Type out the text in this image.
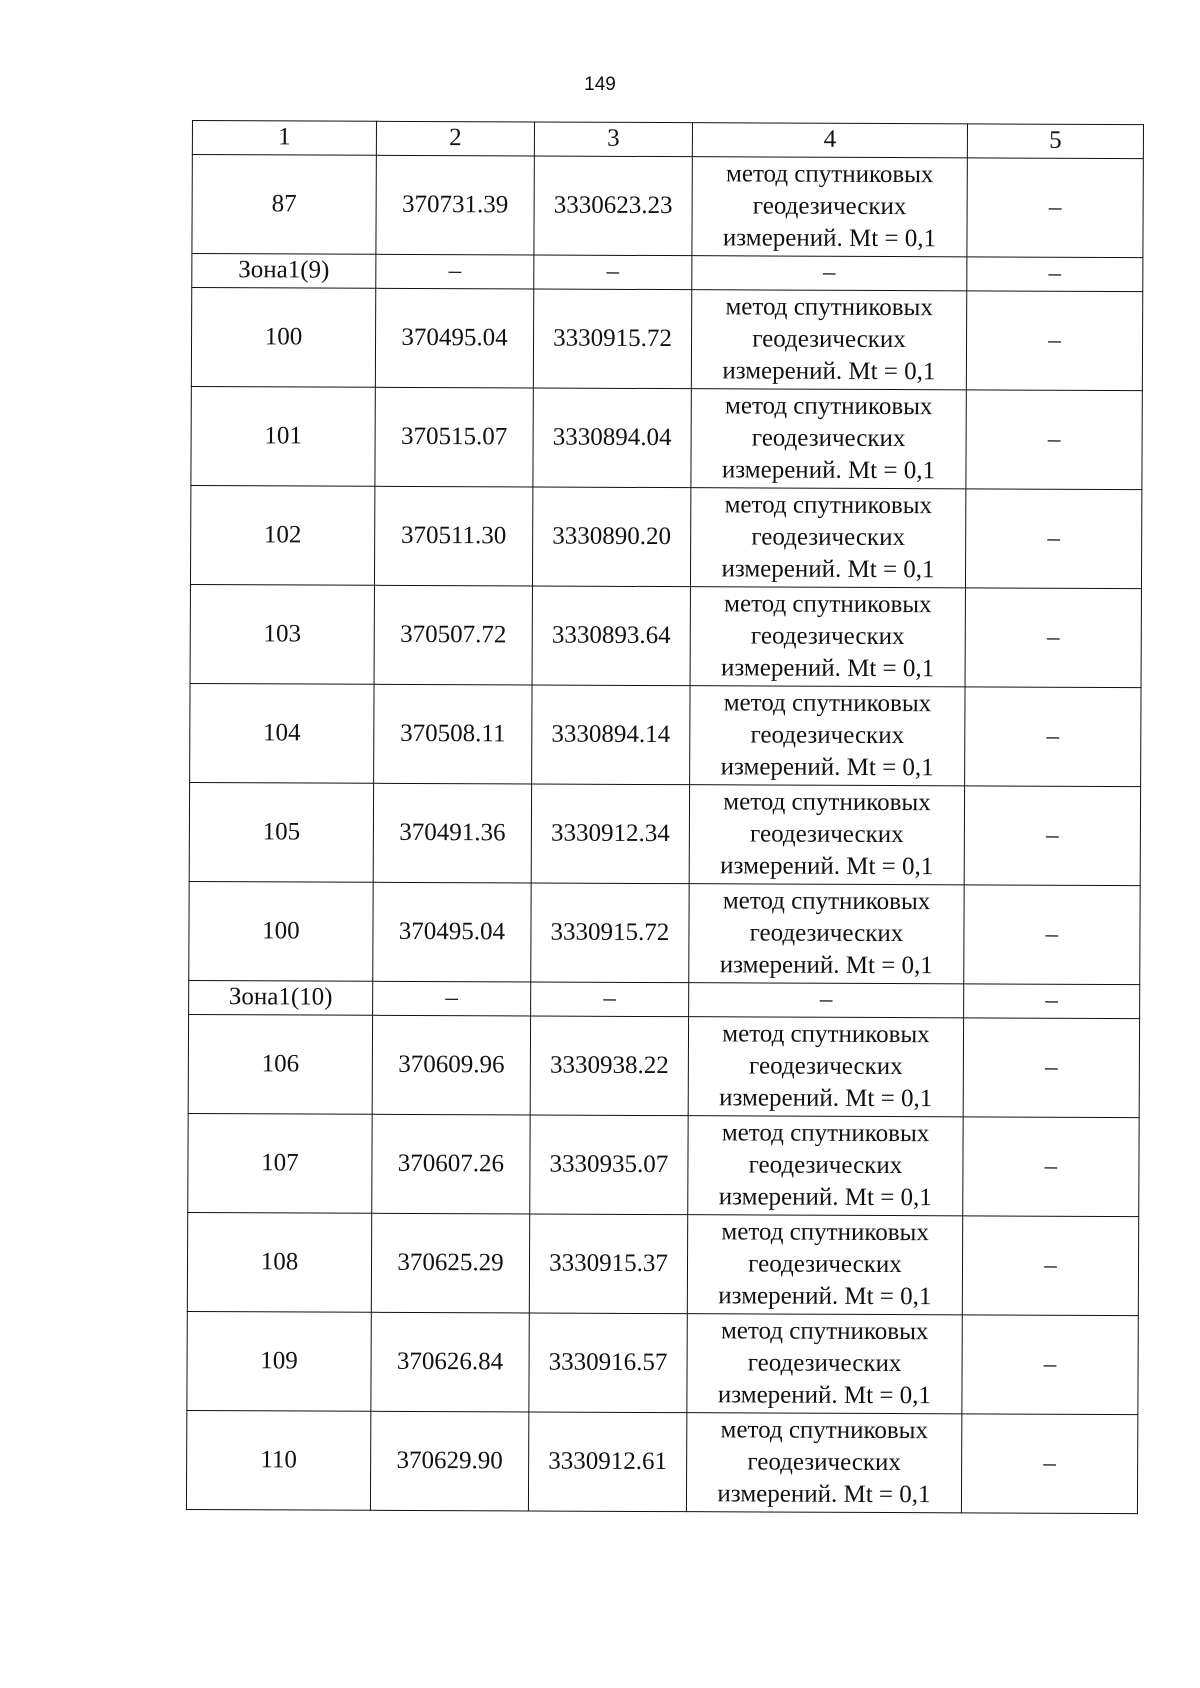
149
1	2	3	4	5
87	370731.39	3330623.23	метод спутниковых геодезических измерений. Mt = 0,1	–
Зона1(9)	–	–	–	–
100	370495.04	3330915.72	метод спутниковых геодезических измерений. Mt = 0,1	–
101	370515.07	3330894.04	метод спутниковых геодезических измерений. Mt = 0,1	–
102	370511.30	3330890.20	метод спутниковых геодезических измерений. Mt = 0,1	–
103	370507.72	3330893.64	метод спутниковых геодезических измерений. Mt = 0,1	–
104	370508.11	3330894.14	метод спутниковых геодезических измерений. Mt = 0,1	–
105	370491.36	3330912.34	метод спутниковых геодезических измерений. Mt = 0,1	–
100	370495.04	3330915.72	метод спутниковых геодезических измерений. Mt = 0,1	–
Зона1(10)	–	–	–	–
106	370609.96	3330938.22	метод спутниковых геодезических измерений. Mt = 0,1	–
107	370607.26	3330935.07	метод спутниковых геодезических измерений. Mt = 0,1	–
108	370625.29	3330915.37	метод спутниковых геодезических измерений. Mt = 0,1	–
109	370626.84	3330916.57	метод спутниковых геодезических измерений. Mt = 0,1	–
110	370629.90	3330912.61	метод спутниковых геодезических измерений. Mt = 0,1	–
